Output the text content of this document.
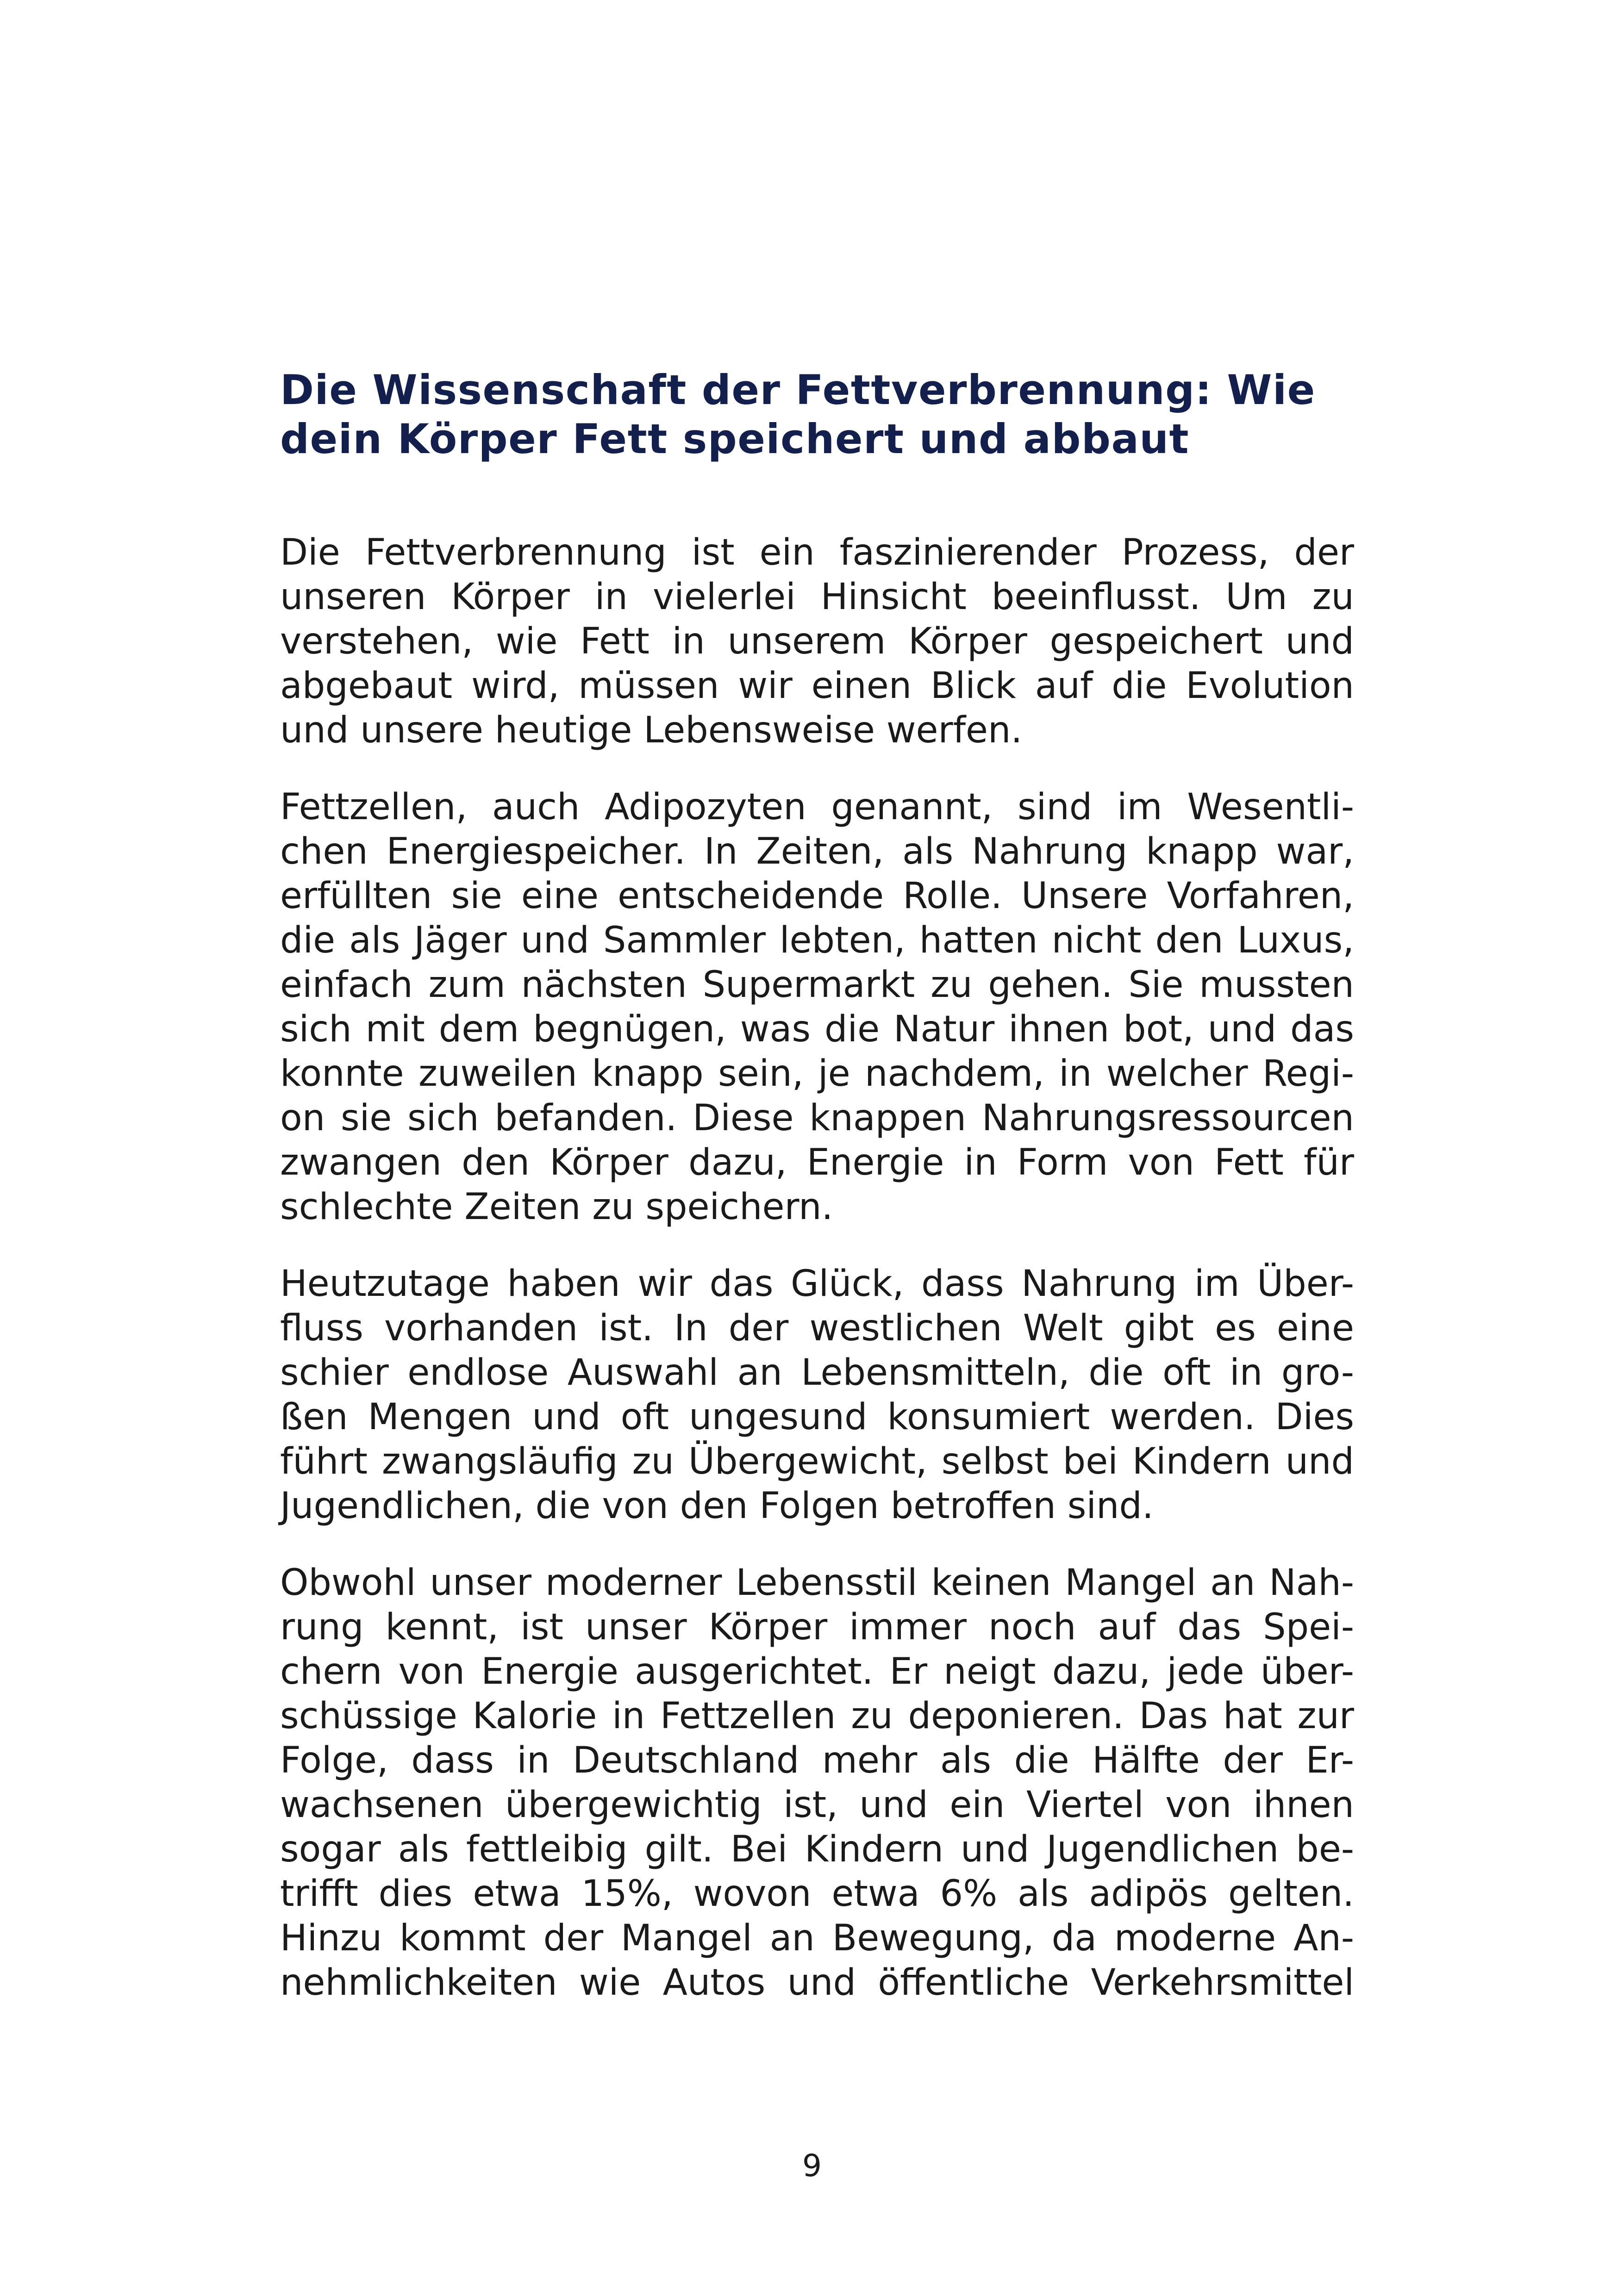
Die Wissenschaft der Fettverbrennung: Wie
dein Körper Fett speichert und abbaut

Die Fettverbrennung ist ein faszinierender Prozess, der
unseren Körper in vielerlei Hinsicht beeinflusst. Um zu
verstehen, wie Fett in unserem Körper gespeichert und
abgebaut wird, müssen wir einen Blick auf die Evolution
und unsere heutige Lebensweise werfen.

Fettzellen, auch Adipozyten genannt, sind im Wesentli-
chen Energiespeicher. In Zeiten, als Nahrung knapp war,
erfüllten sie eine entscheidende Rolle. Unsere Vorfahren,
die als Jäger und Sammler lebten, hatten nicht den Luxus,
einfach zum nächsten Supermarkt zu gehen. Sie mussten
sich mit dem begnügen, was die Natur ihnen bot, und das
konnte zuweilen knapp sein, je nachdem, in welcher Regi-
on sie sich befanden. Diese knappen Nahrungsressourcen
zwangen den Körper dazu, Energie in Form von Fett für
schlechte Zeiten zu speichern.

Heutzutage haben wir das Glück, dass Nahrung im Über-
fluss vorhanden ist. In der westlichen Welt gibt es eine
schier endlose Auswahl an Lebensmitteln, die oft in gro-
ßen Mengen und oft ungesund konsumiert werden. Dies
führt zwangsläufig zu Übergewicht, selbst bei Kindern und
Jugendlichen, die von den Folgen betroffen sind.

Obwohl unser moderner Lebensstil keinen Mangel an Nah-
rung kennt, ist unser Körper immer noch auf das Spei-
chern von Energie ausgerichtet. Er neigt dazu, jede über-
schüssige Kalorie in Fettzellen zu deponieren. Das hat zur
Folge, dass in Deutschland mehr als die Hälfte der Er-
wachsenen übergewichtig ist, und ein Viertel von ihnen
sogar als fettleibig gilt. Bei Kindern und Jugendlichen be-
trifft dies etwa 15%, wovon etwa 6% als adipös gelten.
Hinzu kommt der Mangel an Bewegung, da moderne An-
nehmlichkeiten wie Autos und öffentliche Verkehrsmittel

9
